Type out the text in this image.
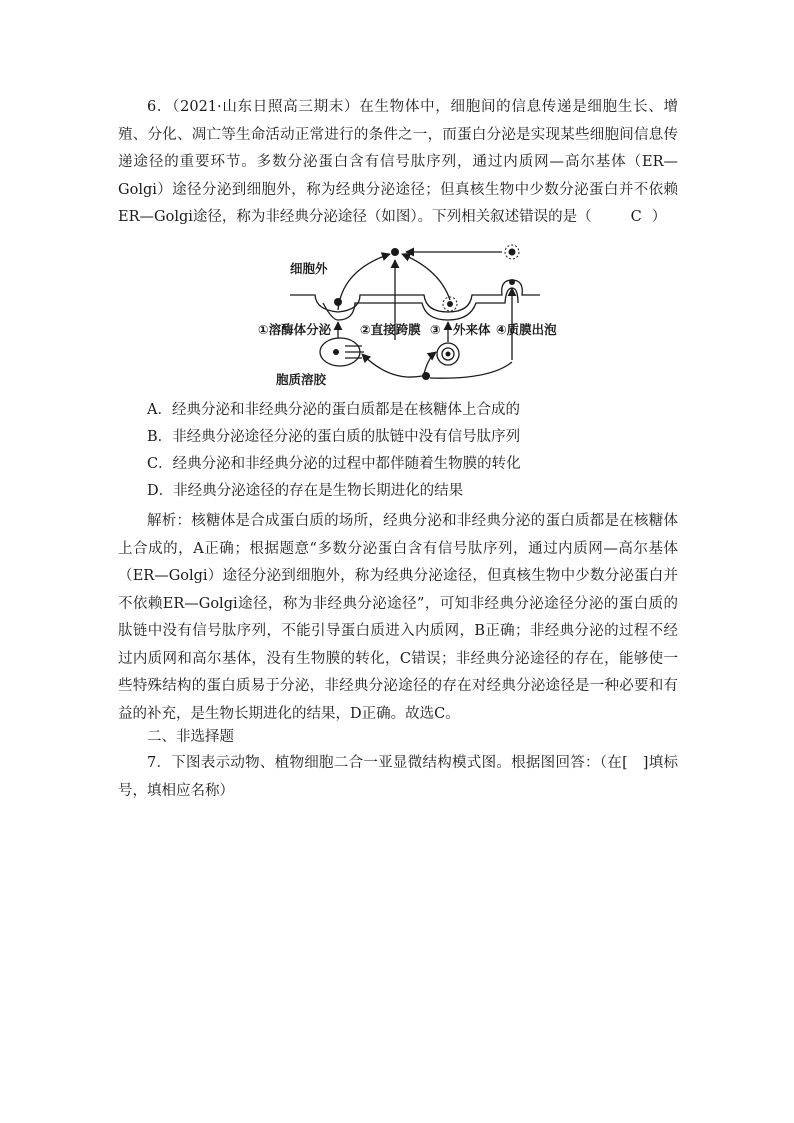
6．（2021·山东日照高三期末）在生物体中，细胞间的信息传递是细胞生长、增殖、分化、凋亡等生命活动正常进行的条件之一，而蛋白分泌是实现某些细胞间信息传递途径的重要环节。多数分泌蛋白含有信号肽序列，通过内质网—高尔基体（ER—Golgi）途径分泌到细胞外，称为经典分泌途径；但真核生物中少数分泌蛋白并不依赖ER—Golgi途径，称为非经典分泌途径（如图）。下列相关叙述错误的是（	C ）

细胞外
①溶酶体分泌 ②直接跨膜 ③ 外来体 ④质膜出泡
胞质溶胶

A．经典分泌和非经典分泌的蛋白质都是在核糖体上合成的

B．非经典分泌途径分泌的蛋白质的肽链中没有信号肽序列

C．经典分泌和非经典分泌的过程中都伴随着生物膜的转化

D．非经典分泌途径的存在是生物长期进化的结果

解析：核糖体是合成蛋白质的场所，经典分泌和非经典分泌的蛋白质都是在核糖体上合成的，A正确；根据题意“多数分泌蛋白含有信号肽序列，通过内质网—高尔基体（ER—Golgi）途径分泌到细胞外，称为经典分泌途径，但真核生物中少数分泌蛋白并不依赖ER—Golgi途径，称为非经典分泌途径”，可知非经典分泌途径分泌的蛋白质的肽链中没有信号肽序列，不能引导蛋白质进入内质网，B正确；非经典分泌的过程不经过内质网和高尔基体，没有生物膜的转化，C错误；非经典分泌途径的存在，能够使一些特殊结构的蛋白质易于分泌，非经典分泌途径的存在对经典分泌途径是一种必要和有益的补充，是生物长期进化的结果，D正确。故选C。

二、非选择题

7．下图表示动物、植物细胞二合一亚显微结构模式图。根据图回答：（在[　]填标号，填相应名称）
